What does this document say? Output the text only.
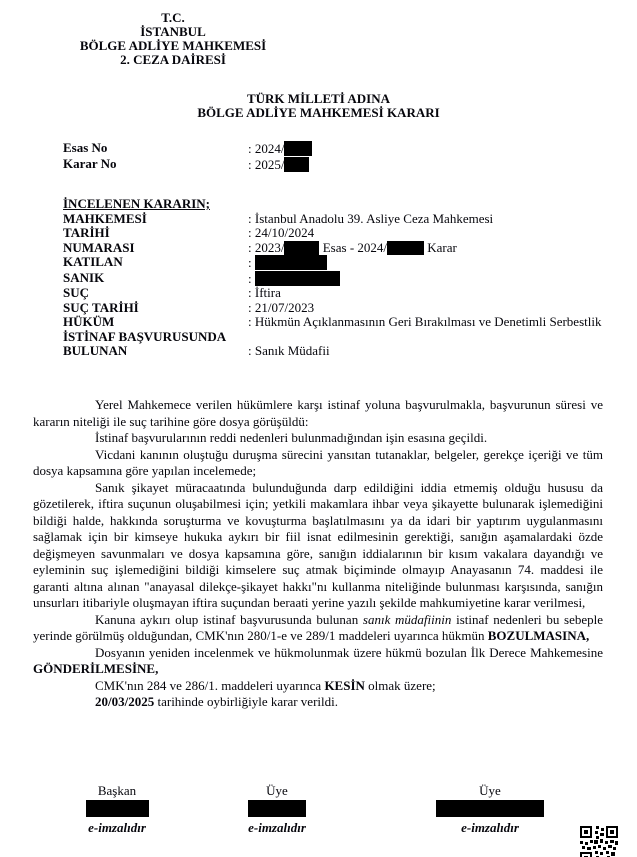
T.C.
İSTANBUL
BÖLGE ADLİYE MAHKEMESİ
2. CEZA DAİRESİ
TÜRK MİLLETİ ADINA
BÖLGE ADLİYE MAHKEMESİ KARARI
Esas No	: 2024/
Karar No	: 2025/
İNCELENEN KARARIN;
MAHKEMESİ	: İstanbul Anadolu 39. Asliye Ceza Mahkemesi
TARİHİ	: 24/10/2024
NUMARASI	: 2023/	Esas - 2024/	Karar
KATILAN	:
SANIK	:
SUÇ	: İftira
SUÇ TARİHİ	: 21/07/2023
HÜKÜM	: Hükmün Açıklanmasının Geri Bırakılması ve Denetimli Serbestlik
İSTİNAF BAŞVURUSUNDA
BULUNAN	: Sanık Müdafii

Yerel Mahkemece verilen hükümlere karşı istinaf yoluna başvurulmakla, başvurunun süresi ve kararın niteliği ile suç tarihine göre dosya görüşüldü:

İstinaf başvurularının reddi nedenleri bulunmadığından işin esasına geçildi.

Vicdani kanının oluştuğu duruşma sürecini yansıtan tutanaklar, belgeler, gerekçe içeriği ve tüm dosya kapsamına göre yapılan incelemede;

Sanık şikayet müracaatında bulunduğunda darp edildiğini iddia etmemiş olduğu hususu da gözetilerek, iftira suçunun oluşabilmesi için; yetkili makamlara ihbar veya şikayette bulunarak işlemediğini bildiği halde, hakkında soruşturma ve kovuşturma başlatılmasını ya da idari bir yaptırım uygulanmasını sağlamak için bir kimseye hukuka aykırı bir fiil isnat edilmesinin gerektiği, sanığın aşamalardaki özde değişmeyen savunmaları ve dosya kapsamına göre, sanığın iddialarının bir kısım vakalara dayandığı ve eyleminin suç işlemediğini bildiği kimselere suç atmak biçiminde olmayıp Anayasanın 74. maddesi ile garanti altına alınan "anayasal dilekçe-şikayet hakkı"nı kullanma niteliğinde bulunması karşısında, sanığın unsurları itibariyle oluşmayan iftira suçundan beraati yerine yazılı şekilde mahkumiyetine karar verilmesi,

Kanuna aykırı olup istinaf başvurusunda bulunan sanık müdafiinin istinaf nedenleri bu sebeple yerinde görülmüş olduğundan, CMK'nın 280/1-e ve 289/1 maddeleri uyarınca hükmün BOZULMASINA,

Dosyanın yeniden incelenmek ve hükmolunmak üzere hükmü bozulan İlk Derece Mahkemesine GÖNDERİLMESİNE,

CMK'nın 284 ve 286/1. maddeleri uyarınca KESİN olmak üzere;

20/03/2025 tarihinde oybirliğiyle karar verildi.

Başkan
e-imzalıdır
Üye
e-imzalıdır
Üye
e-imzalıdır
